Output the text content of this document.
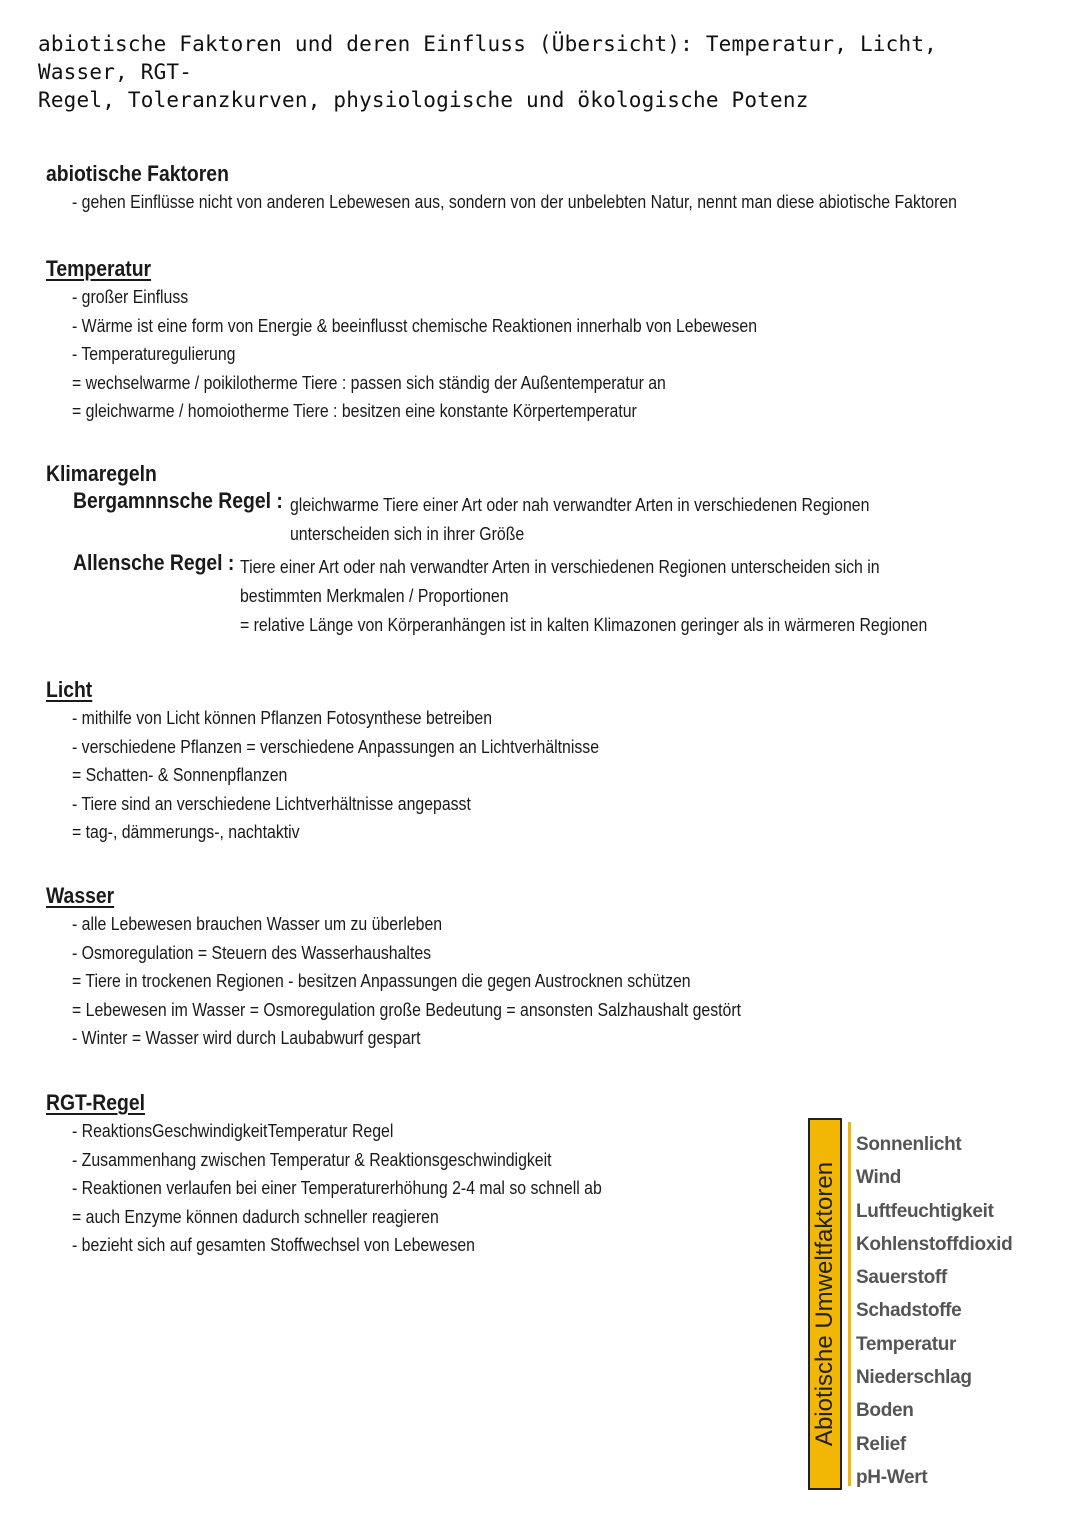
abiotische Faktoren und deren Einfluss (Übersicht): Temperatur, Licht, Wasser, RGT-
Regel, Toleranzkurven, physiologische und ökologische Potenz
abiotische Faktoren
- gehen Einflüsse nicht von anderen Lebewesen aus, sondern von der unbelebten Natur, nennt man diese abiotische Faktoren
Temperatur
- großer Einfluss
- Wärme ist eine form von Energie & beeinflusst chemische Reaktionen innerhalb von Lebewesen
- Temperaturegulierung
= wechselwarme / poikilotherme Tiere : passen sich ständig der Außentemperatur an
= gleichwarme / homoiotherme Tiere : besitzen eine konstante Körpertemperatur
Klimaregeln
Bergamnnsche Regel : gleichwarme Tiere einer Art oder nah verwandter Arten in verschiedenen Regionen
unterscheiden sich in ihrer Größe
Allensche Regel : Tiere einer Art oder nah verwandter Arten in verschiedenen Regionen unterscheiden sich in
bestimmten Merkmalen / Proportionen
= relative Länge von Körperanhängen ist in kalten Klimazonen geringer als in wärmeren Regionen
Licht
- mithilfe von Licht können Pflanzen Fotosynthese betreiben
- verschiedene Pflanzen = verschiedene Anpassungen an Lichtverhältnisse
= Schatten- & Sonnenpflanzen
- Tiere sind an verschiedene Lichtverhältnisse angepasst
= tag-, dämmerungs-, nachtaktiv
Wasser
- alle Lebewesen brauchen Wasser um zu überleben
- Osmoregulation = Steuern des Wasserhaushaltes
= Tiere in trockenen Regionen - besitzen Anpassungen die gegen Austrocknen schützen
= Lebewesen im Wasser = Osmoregulation große Bedeutung = ansonsten Salzhaushalt gestört
- Winter = Wasser wird durch Laubabwurf gespart
RGT-Regel
- ReaktionsGeschwindigkeitTemperatur Regel
- Zusammenhang zwischen Temperatur & Reaktionsgeschwindigkeit
- Reaktionen verlaufen bei einer Temperaturerhöhung 2-4 mal so schnell ab
= auch Enzyme können dadurch schneller reagieren
- bezieht sich auf gesamten Stoffwechsel von Lebewesen	Abiotische Umweltfaktoren
Sonnenlicht
Wind
Luftfeuchtigkeit
Kohlenstoffdioxid
Sauerstoff
Schadstoffe
Temperatur
Niederschlag
Boden
Relief
pH-Wert
